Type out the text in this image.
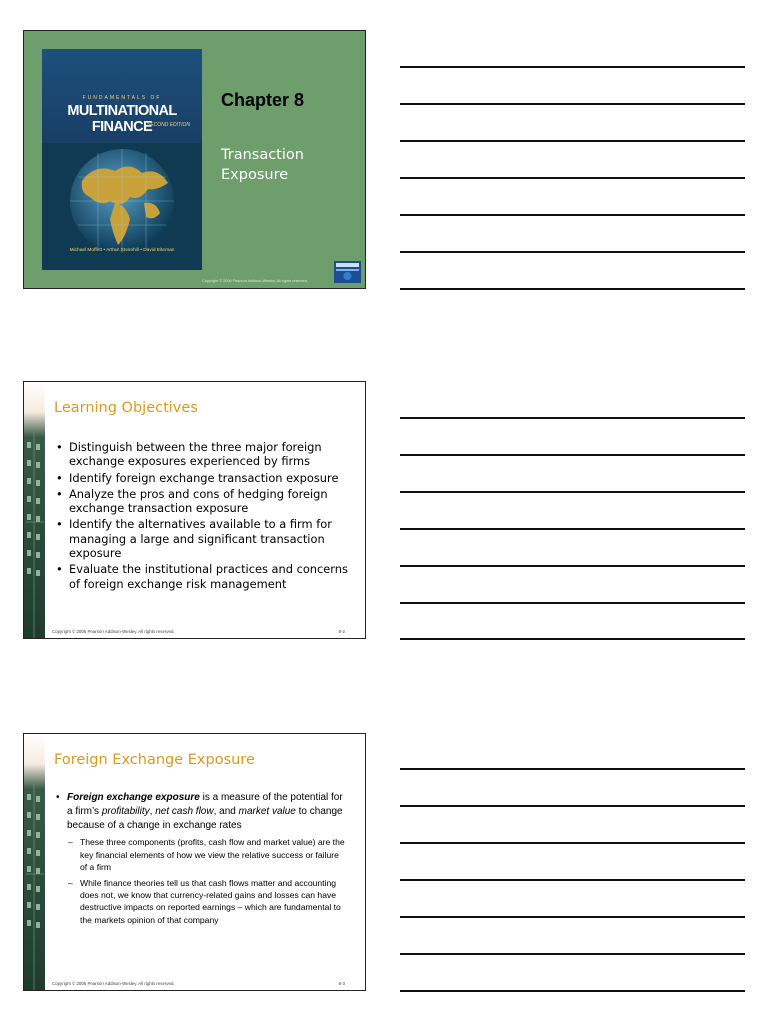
FUNDAMENTALS OF
MULTINATIONAL FINANCE
SECOND EDITION
Michael Moffett • Arthur Stonehill • David Eiteman
Chapter 8
Transaction
Exposure
Copyright © 2006 Pearson Addison-Wesley. All rights reserved.
Learning Objectives
• Distinguish between the three major foreign exchange exposures experienced by firms
• Identify foreign exchange transaction exposure
• Analyze the pros and cons of hedging foreign exchange transaction exposure
• Identify the alternatives available to a firm for managing a large and significant transaction exposure
• Evaluate the institutional practices and concerns of foreign exchange risk management
Copyright © 2006 Pearson Addison-Wesley. All rights reserved.	8-2
Foreign Exchange Exposure
• Foreign exchange exposure is a measure of the potential for a firm’s profitability, net cash flow, and market value to change because of a change in exchange rates
– These three components (profits, cash flow and market value) are the key financial elements of how we view the relative success or failure of a firm
– While finance theories tell us that cash flows matter and accounting does not, we know that currency-related gains and losses can have destructive impacts on reported earnings – which are fundamental to the markets opinion of that company
Copyright © 2006 Pearson Addison-Wesley. All rights reserved.	8-3
